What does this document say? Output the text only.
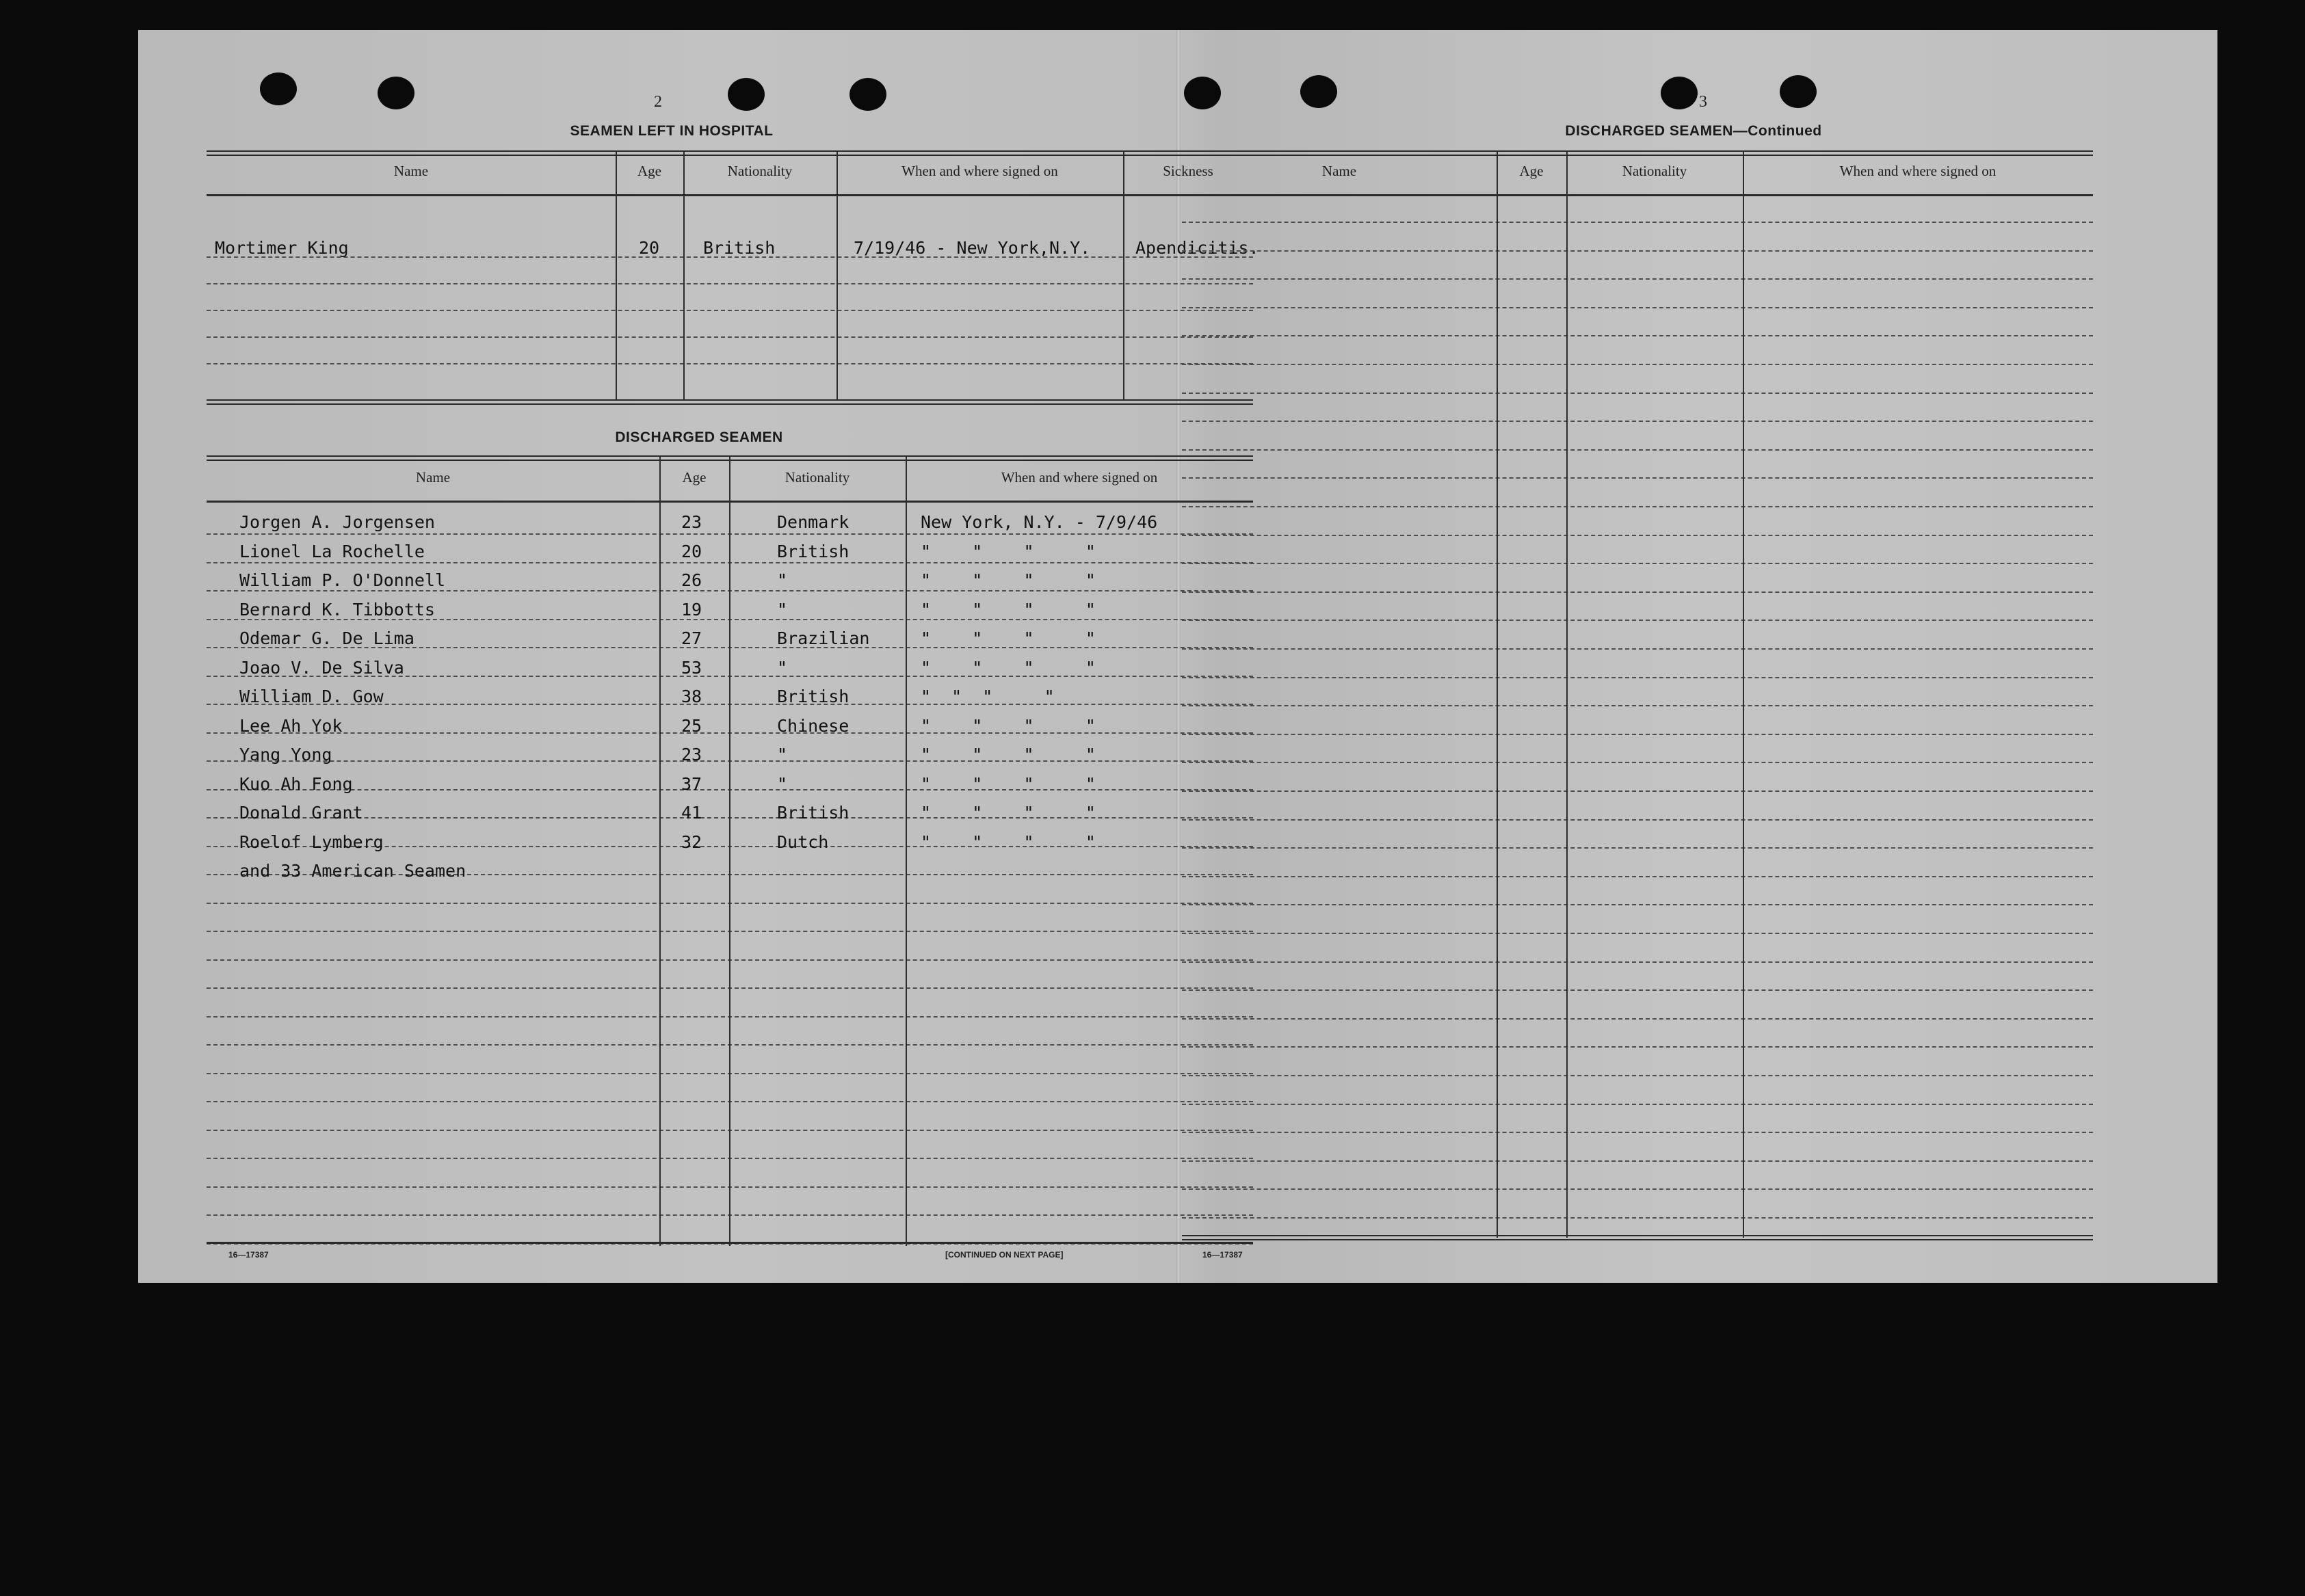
2
SEAMEN LEFT IN HOSPITAL
Name	Age	Nationality	When and where signed on	Sickness
Mortimer King	20	British	7/19/46 - New York,N.Y.	Apendicitis.
DISCHARGED SEAMEN
Name	Age	Nationality	When and where signed on
Jorgen A. Jorgensen	23	Denmark	New York, N.Y. - 7/9/46
Lionel La Rochelle	20	British	"    "    "     "
William P. O'Donnell	26	"	"    "    "     "
Bernard K. Tibbotts	19	"	"    "    "     "
Odemar G. De Lima	27	Brazilian	"    "    "     "
Joao V. De Silva	53	"	"    "    "     "
William D. Gow	38	British	"  "  "     "
Lee Ah Yok	25	Chinese	"    "    "     "
Yang Yong	23	"	"    "    "     "
Kuo Ah Fong	37	"	"    "    "     "
Donald Grant	41	British	"    "    "     "
Roelof Lymberg	32	Dutch	"    "    "     "
and 33 American Seamen
16—17387	[CONTINUED ON NEXT PAGE]
3
DISCHARGED SEAMEN—Continued
Name	Age	Nationality	When and where signed on
16—17387
